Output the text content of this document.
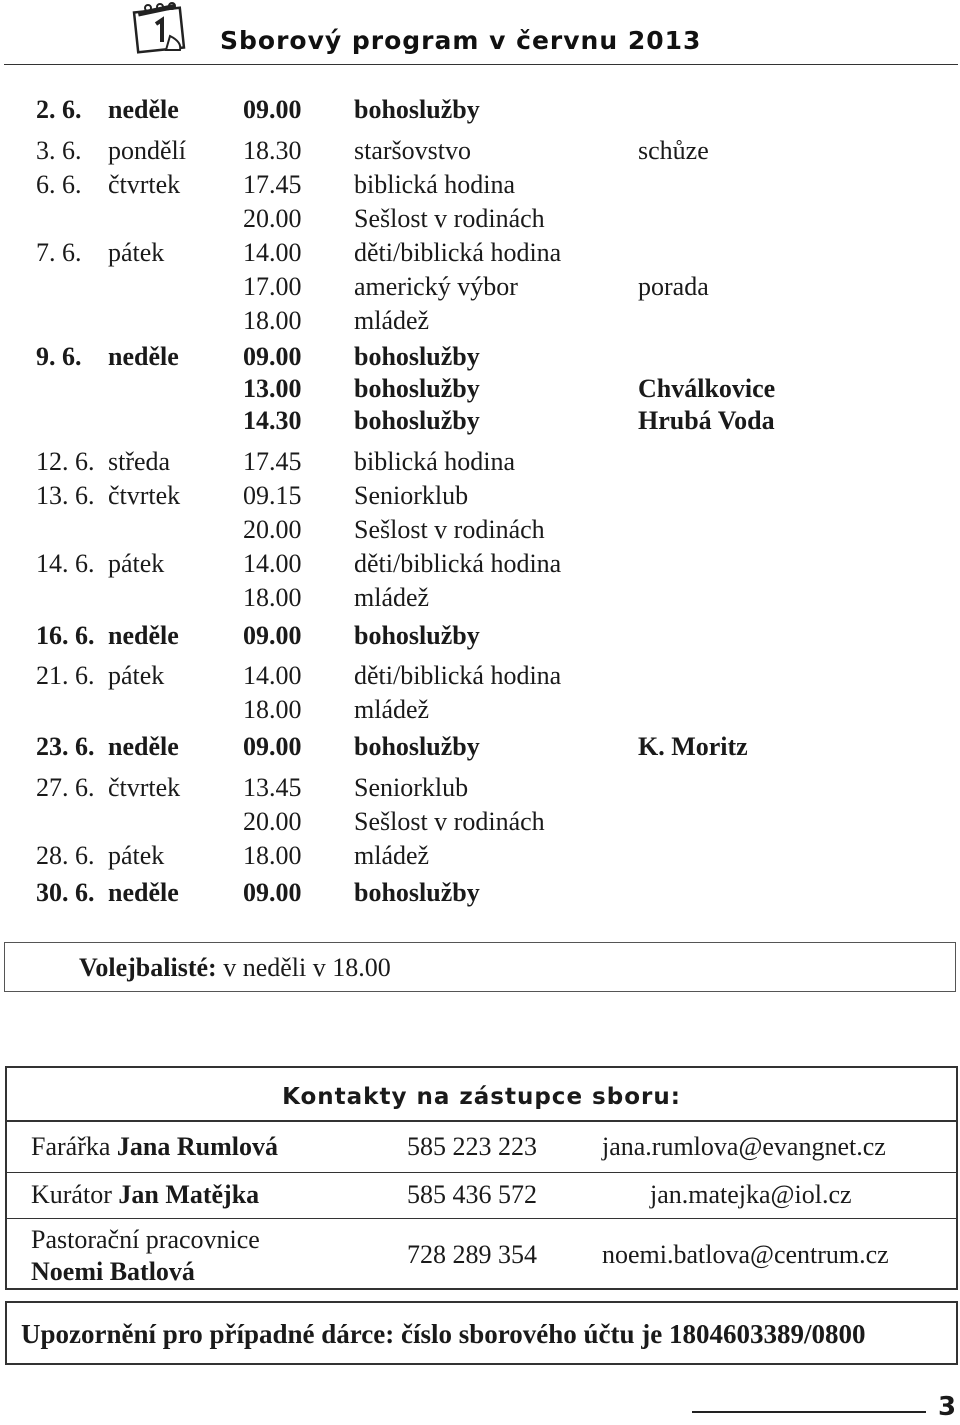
Sborový program v červnu 2013
2. 6. neděle 09.00 bohoslužby
3. 6. pondělí 18.30 staršovstvo	schůze
6. 6. čtvrtek 17.45 biblická hodina
20.00 Sešlost v rodinách
7. 6. pátek	14.00 děti/biblická hodina
17.00 americký výbor	porada
18.00 mládež
9. 6. neděle 09.00 bohoslužby
13.00 bohoslužby	Chválkovice
14.30 bohoslužby	Hrubá Voda
12. 6. středa	17.45 biblická hodina
13. 6. čtvrtek 09.15 Seniorklub
20.00 Sešlost v rodinách
14. 6. pátek	14.00 děti/biblická hodina
18.00 mládež
16. 6. neděle 09.00 bohoslužby
21. 6. pátek	14.00 děti/biblická hodina
18.00 mládež
23. 6. neděle 09.00 bohoslužby	K. Moritz
27. 6. čtvrtek 13.45 Seniorklub
20.00 Sešlost v rodinách
28. 6. pátek	18.00 mládež
30. 6. neděle 09.00 bohoslužby
Volejbalisté: v neděli v 18.00
Kontakty na zástupce sboru:
Farářka Jana Rumlová	585 223 223	jana.rumlova@evangnet.cz
Kurátor Jan Matějka	585 436 572	jan.matejka@iol.cz
Pastorační pracovnice
Noemi Batlová
728 289 354	noemi.batlova@centrum.cz
Upozornění pro případné dárce: číslo sborového účtu je 1804603389/0800
3
